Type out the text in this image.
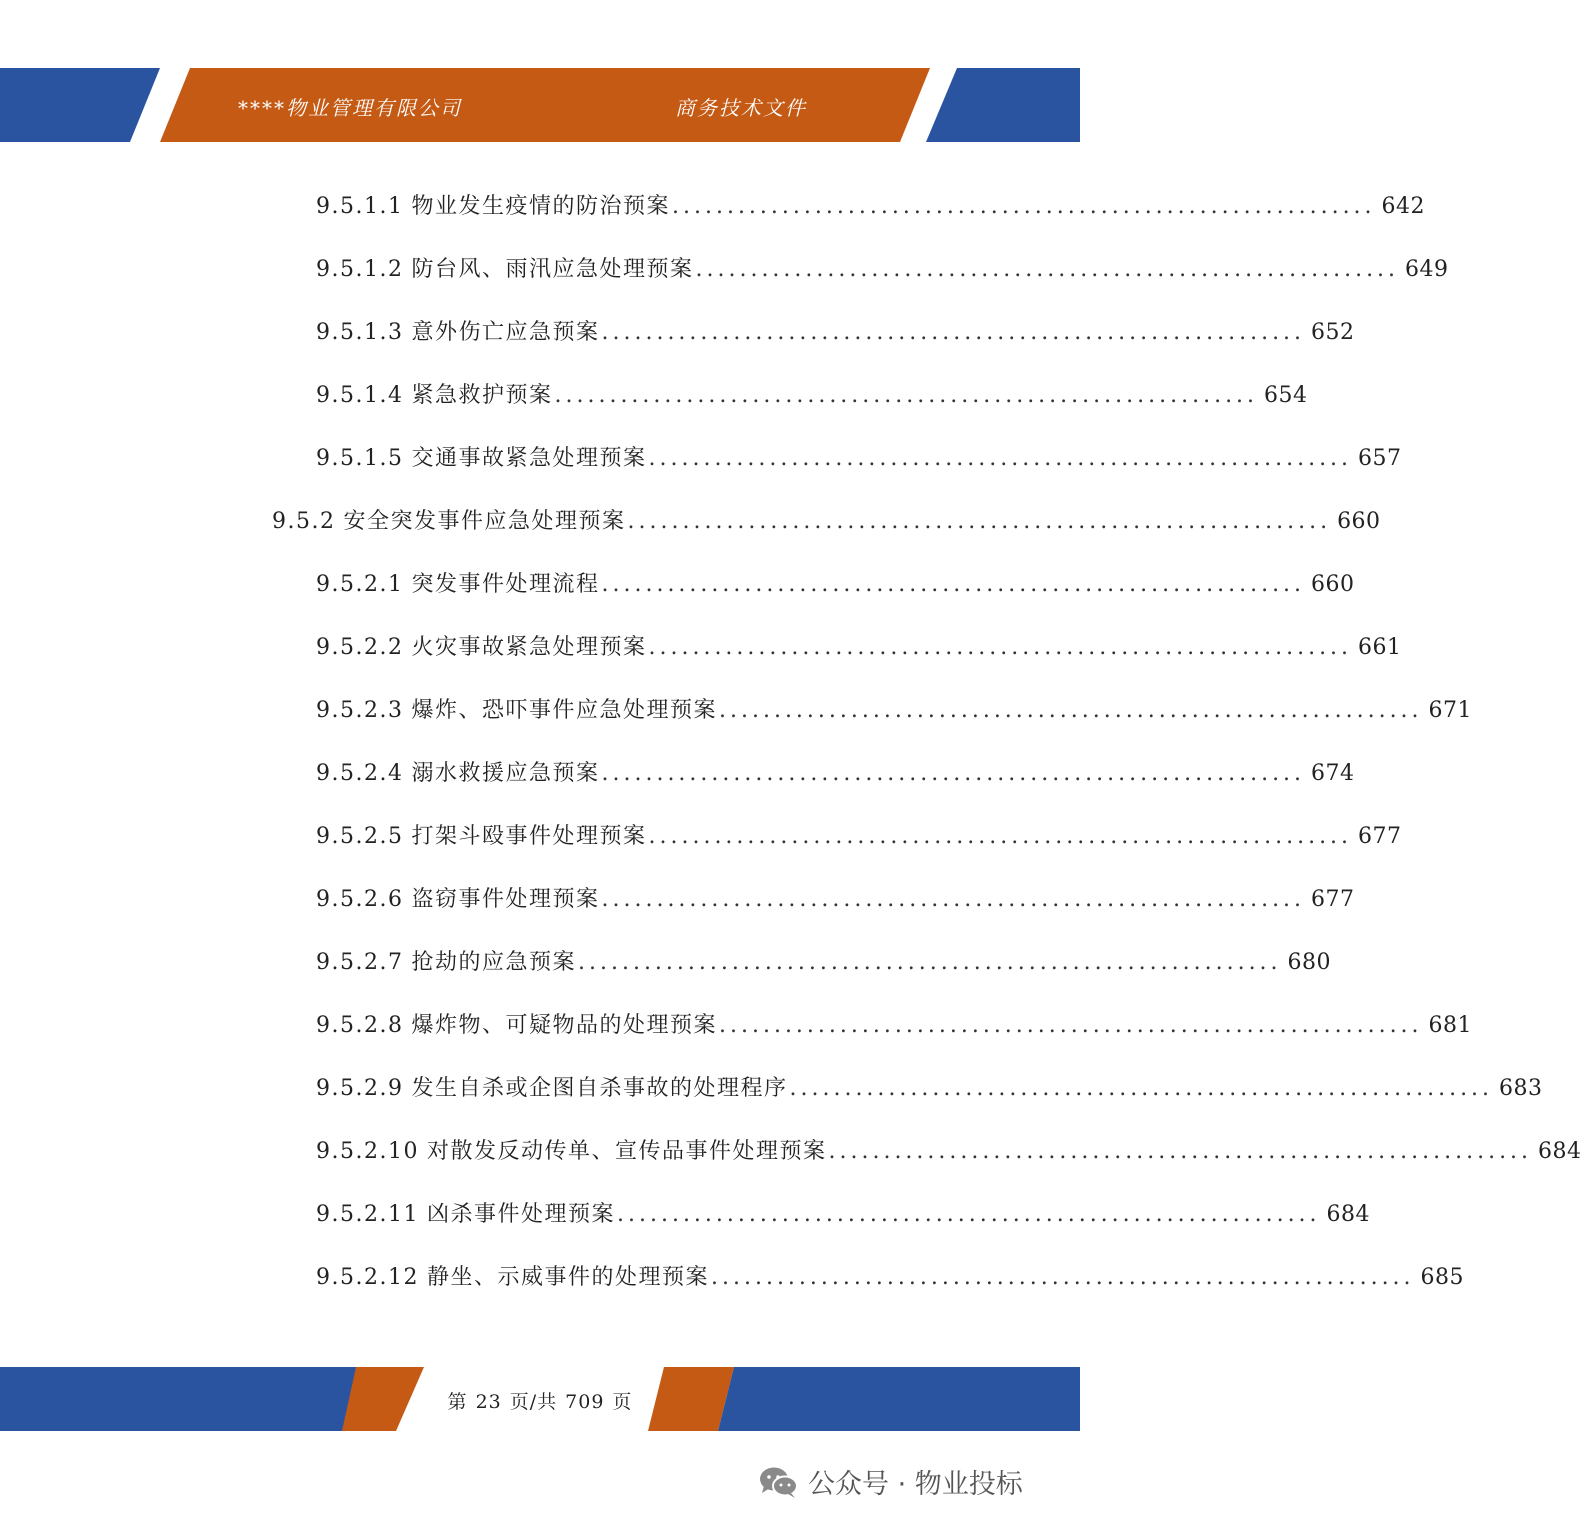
****物业管理有限公司	商务技术文件
9.5.1.1 物业发生疫情的防治预案 ................................................................ 642
9.5.1.2 防台风、雨汛应急处理预案 ................................................................ 649
9.5.1.3 意外伤亡应急预案 ................................................................ 652
9.5.1.4 紧急救护预案 ................................................................ 654
9.5.1.5 交通事故紧急处理预案 ................................................................ 657
9.5.2 安全突发事件应急处理预案 ................................................................ 660
9.5.2.1 突发事件处理流程 ................................................................ 660
9.5.2.2 火灾事故紧急处理预案 ................................................................ 661
9.5.2.3 爆炸、恐吓事件应急处理预案 ................................................................ 671
9.5.2.4 溺水救援应急预案 ................................................................ 674
9.5.2.5 打架斗殴事件处理预案 ................................................................ 677
9.5.2.6 盗窃事件处理预案 ................................................................ 677
9.5.2.7 抢劫的应急预案 ................................................................ 680
9.5.2.8 爆炸物、可疑物品的处理预案 ................................................................ 681
9.5.2.9 发生自杀或企图自杀事故的处理程序 ................................................................ 683
9.5.2.10 对散发反动传单、宣传品事件处理预案 ................................................................ 684
9.5.2.11 凶杀事件处理预案 ................................................................ 684
9.5.2.12 静坐、示威事件的处理预案 ................................................................ 685
第 23 页/共 709 页
公众号 · 物业投标
